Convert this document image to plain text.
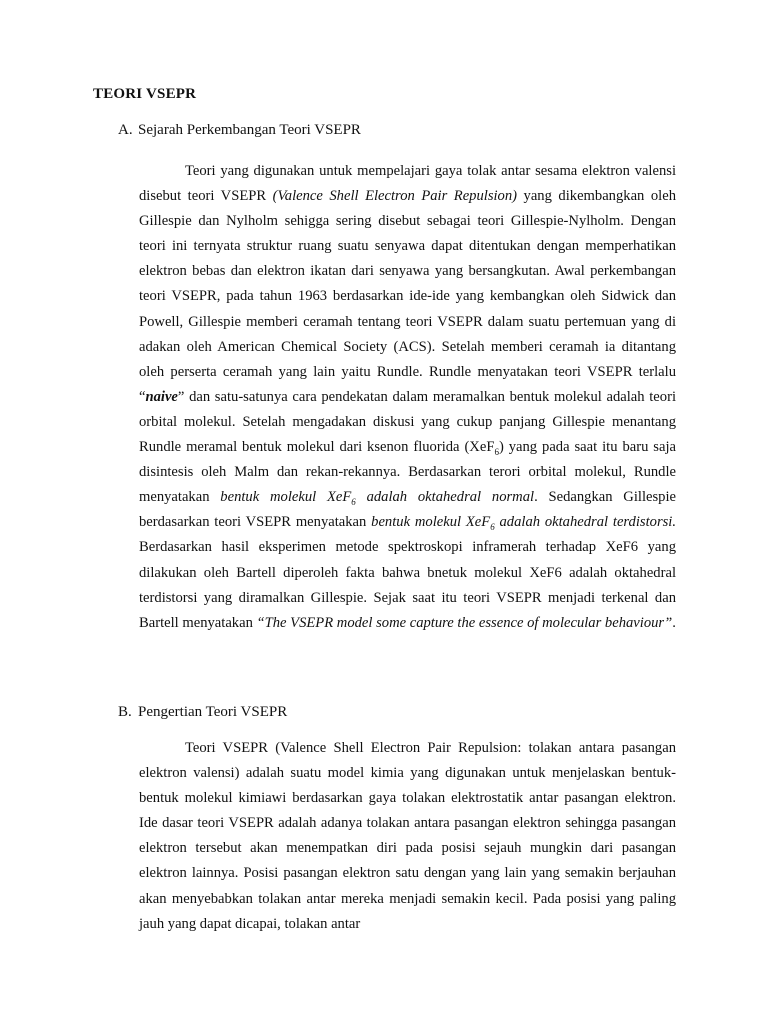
TEORI VSEPR
A. Sejarah Perkembangan Teori VSEPR

Teori yang digunakan untuk mempelajari gaya tolak antar sesama elektron valensi disebut teori VSEPR (Valence Shell Electron Pair Repulsion) yang dikembangkan oleh Gillespie dan Nylholm sehigga sering disebut sebagai teori Gillespie-Nylholm. Dengan teori ini ternyata struktur ruang suatu senyawa dapat ditentukan dengan memperhatikan elektron bebas dan elektron ikatan dari senyawa yang bersangkutan. Awal perkembangan teori VSEPR, pada tahun 1963 berdasarkan ide-ide yang kembangkan oleh Sidwick dan Powell, Gillespie memberi ceramah tentang teori VSEPR dalam suatu pertemuan yang di adakan oleh American Chemical Society (ACS). Setelah memberi ceramah ia ditantang oleh perserta ceramah yang lain yaitu Rundle. Rundle menyatakan teori VSEPR terlalu “naive” dan satu-satunya cara pendekatan dalam meramalkan bentuk molekul adalah teori orbital molekul. Setelah mengadakan diskusi yang cukup panjang Gillespie menantang Rundle meramal bentuk molekul dari ksenon fluorida (XeF$_6$) yang pada saat itu baru saja disintesis oleh Malm dan rekan-rekannya. Berdasarkan terori orbital molekul, Rundle menyatakan bentuk molekul XeF$_6$ adalah oktahedral normal. Sedangkan Gillespie berdasarkan teori VSEPR menyatakan bentuk molekul XeF$_6$ adalah oktahedral terdistorsi. Berdasarkan hasil eksperimen metode spektroskopi inframerah terhadap XeF6 yang dilakukan oleh Bartell diperoleh fakta bahwa bnetuk molekul XeF6 adalah oktahedral terdistorsi yang diramalkan Gillespie. Sejak saat itu teori VSEPR menjadi terkenal dan Bartell menyatakan “The VSEPR model some capture the essence of molecular behaviour”.

B. Pengertian Teori VSEPR

Teori VSEPR (Valence Shell Electron Pair Repulsion: tolakan antara pasangan elektron valensi) adalah suatu model kimia yang digunakan untuk menjelaskan bentuk-bentuk molekul kimiawi berdasarkan gaya tolakan elektrostatik antar pasangan elektron. Ide dasar teori VSEPR adalah adanya tolakan antara pasangan elektron sehingga pasangan elektron tersebut akan menempatkan diri pada posisi sejauh mungkin dari pasangan elektron lainnya. Posisi pasangan elektron satu dengan yang lain yang semakin berjauhan akan menyebabkan tolakan antar mereka menjadi semakin kecil. Pada posisi yang paling jauh yang dapat dicapai, tolakan antar
